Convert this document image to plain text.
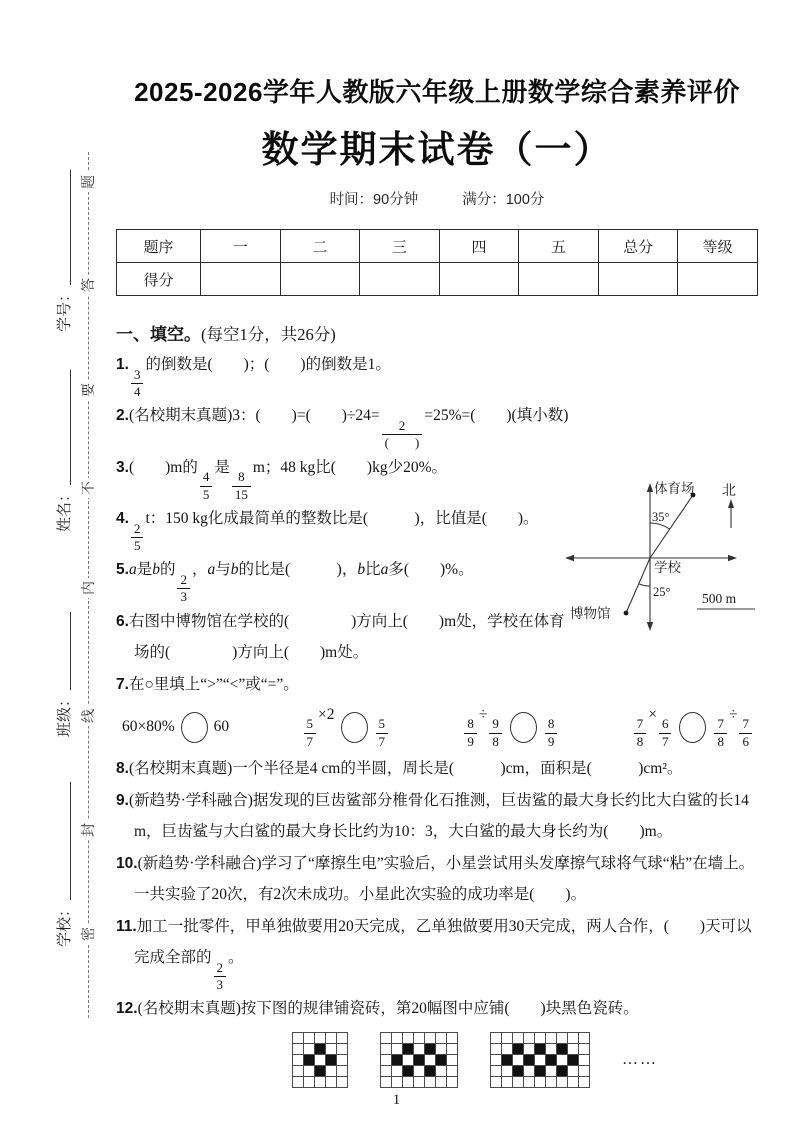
学号：
姓名：
班级：
学校：
题
答
要
不
内
线
封
密
2025-2026学年人教版六年级上册数学综合素养评价
数学期末试卷（一）
时间：90分钟	满分：100分
题序	一	二	三	四	五	总分	等级
得分							
一、填空。(每空1分，共26分)
1.
$\frac{3}{4}$
的倒数是(　　)；(　　)的倒数是1。
2.(名校期末真题)3：(　　)=(　　)÷24=
$\frac{2}{( )}$
=25%=(　　)(填小数)
3.(　　)m的
$\frac{4}{5}$
是
$\frac{8}{15}$
m；48 kg比(　　)kg少20%。
4.
$\frac{2}{5}$
t：150 kg化成最简单的整数比是(　　　)，比值是(　　)。
5.a是b的
$\frac{2}{3}$
，a与b的比是(　　　)，b比a多(　　)%。
6.右图中博物馆在学校的(　　　　)方向上(　　)m处，学校在体育场的(　　　　)方向上(　　)m处。
7.在○里填上“>”“<”或“=”。
60×80%	60	$\frac{5}{7}$
×2
$\frac{5}{7}$	$\frac{8}{9}$
÷
$\frac{9}{8}$	$\frac{8}{9}$	$\frac{7}{8}$
×
$\frac{6}{7}$	$\frac{7}{8}$
÷
$\frac{7}{6}$
8.(名校期末真题)一个半径是4 cm的半圆，周长是(　　　)cm，面积是(　　　)cm²。
9.(新趋势·学科融合)据发现的巨齿鲨部分椎骨化石推测，巨齿鲨的最大身长约比大白鲨的长14 m，巨齿鲨与大白鲨的最大身长比约为10：3，大白鲨的最大身长约为(　　)m。
10.(新趋势·学科融合)学习了“摩擦生电”实验后，小星尝试用头发摩擦气球将气球“粘”在墙上。一共实验了20次，有2次未成功。小星此次实验的成功率是(　　)。
11.加工一批零件，甲单独做要用20天完成，乙单独做要用30天完成，两人合作，(　　)天可以完成全部的
$\frac{2}{3}$
。
12.(名校期末真题)按下图的规律铺瓷砖，第20幅图中应铺(　　)块黑色瓷砖。
……
体育场 北
35°
学校
25°
博物馆
500 m
1
